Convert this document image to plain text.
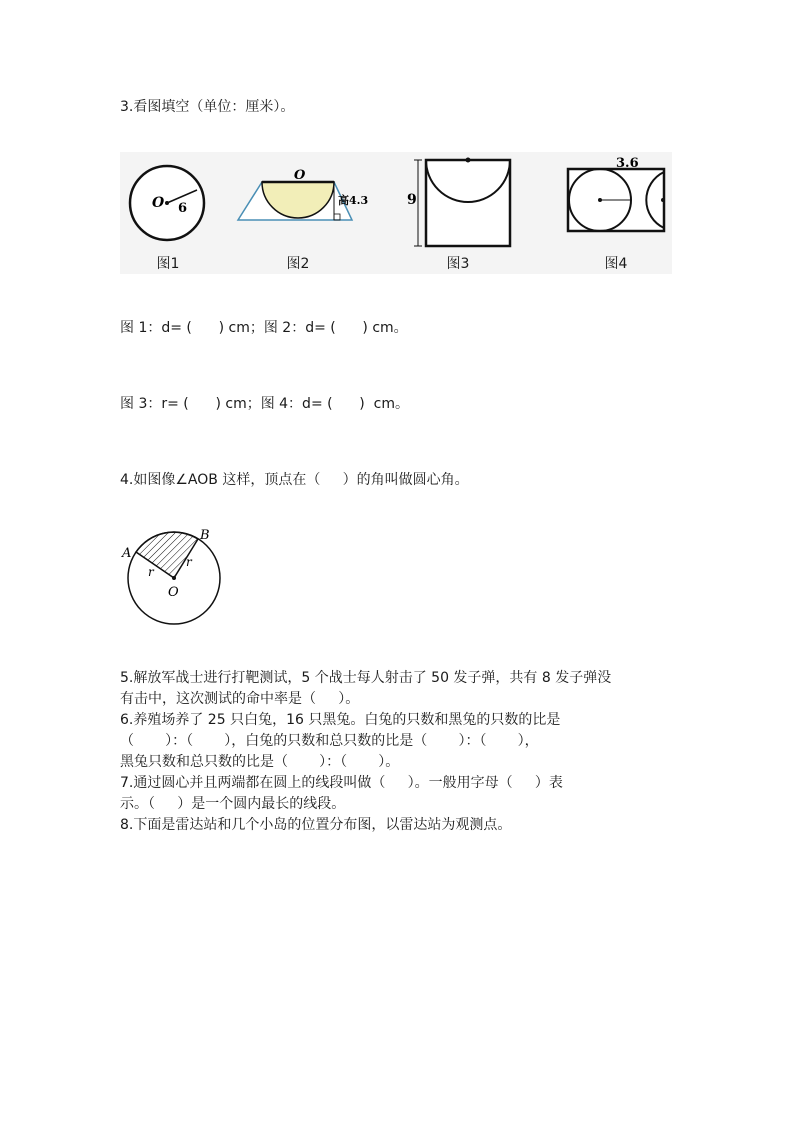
3.看图填空（单位：厘米）。
O 6
图1
O
高4.3
图2
9
图3
3.6
图4
图 1：d= (      ) cm；图 2：d= (      ) cm。
图 3：r= (      ) cm；图 4：d= (      )  cm。
4.如图像∠AOB 这样，顶点在（     ）的角叫做圆心角。
A
B
O
r
r
5.解放军战士进行打靶测试，5 个战士每人射击了 50 发子弹，共有 8 发子弹没
有击中，这次测试的命中率是（     ）。
6.养殖场养了 25 只白兔，16 只黑兔。白兔的只数和黑兔的只数的比是
（       ）：（       ），白兔的只数和总只数的比是（       ）：（       ），
黑兔只数和总只数的比是（       ）：（       ）。
7.通过圆心并且两端都在圆上的线段叫做（     ）。一般用字母（     ）表
示。（     ）是一个圆内最长的线段。
8.下面是雷达站和几个小岛的位置分布图，以雷达站为观测点。
